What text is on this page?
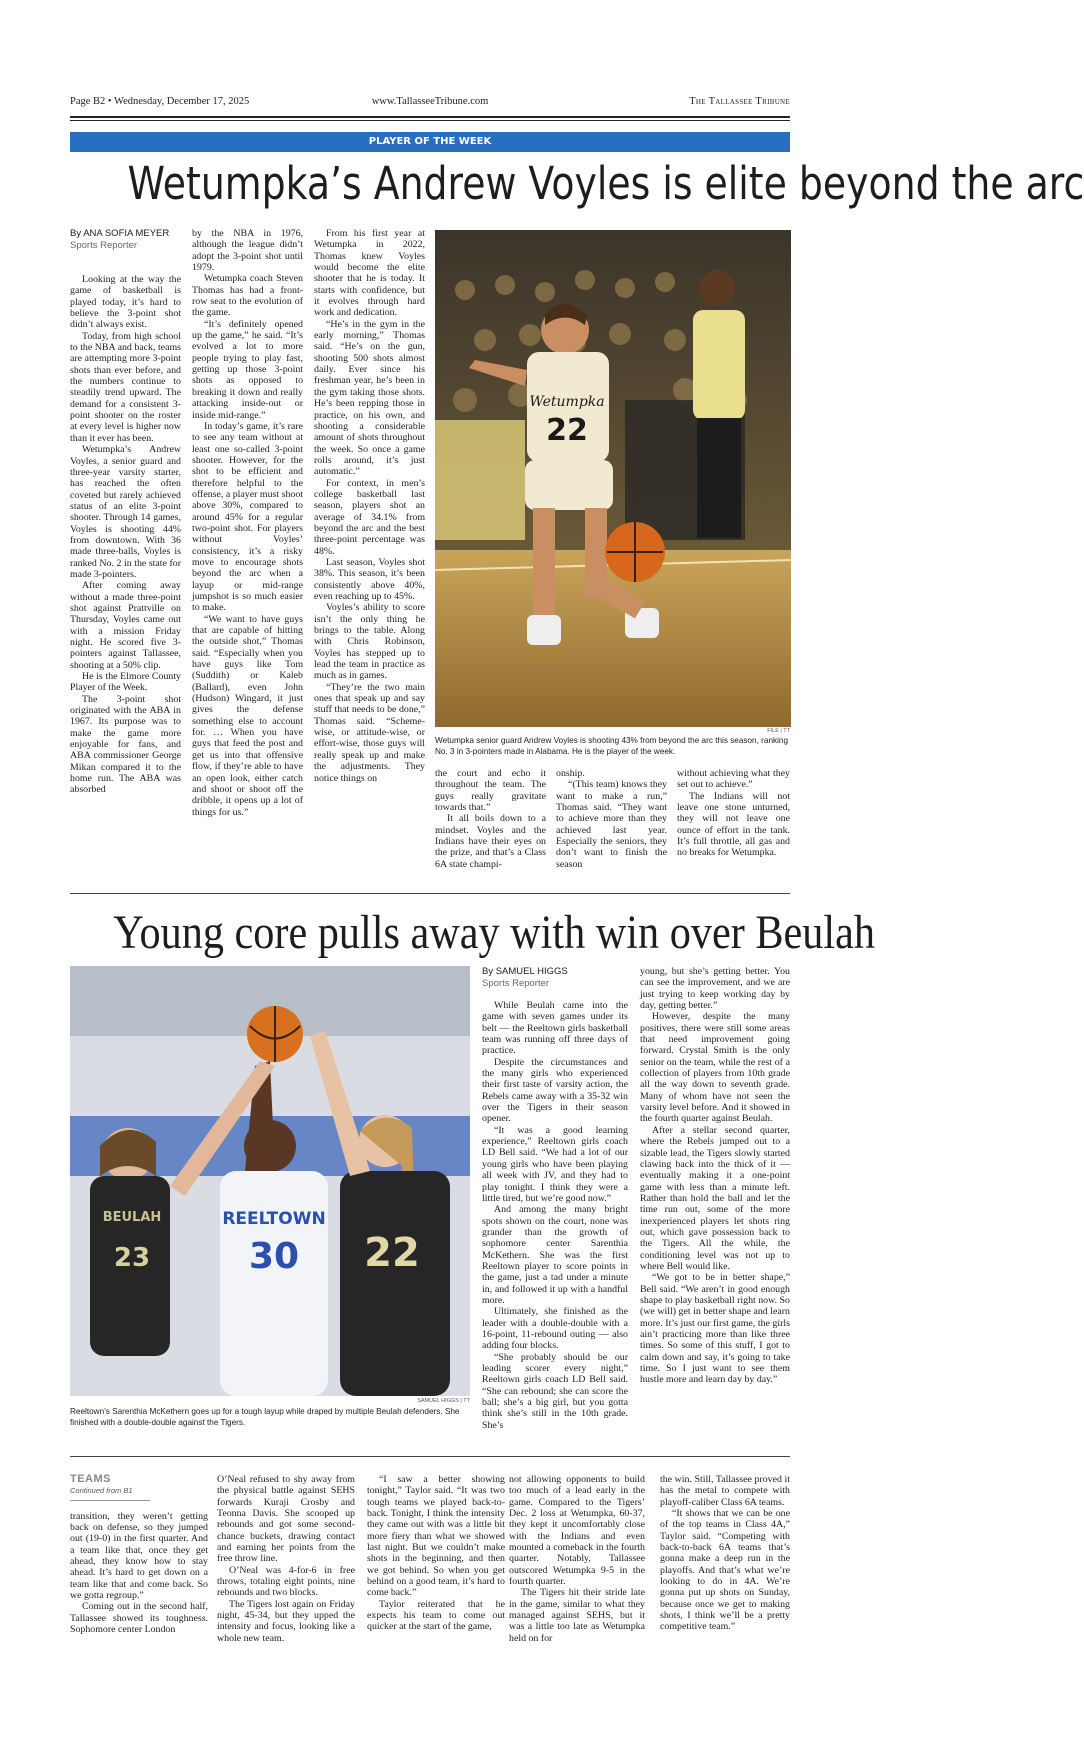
Page B2 • Wednesday, December 17, 2025	www.TallasseeTribune.com	The Tallassee Tribune
PLAYER OF THE WEEK
Wetumpka’s Andrew Voyles is elite beyond the arc
By ANA SOFIA MEYER
Sports Reporter

Looking at the way the game of basketball is played today, it’s hard to believe the 3-point shot didn’t always exist.

Today, from high school to the NBA and back, teams are attempting more 3-point shots than ever before, and the numbers continue to steadily trend upward. The demand for a consistent 3-point shooter on the roster at every level is higher now than it ever has been.

Wetumpka’s Andrew Voyles, a senior guard and three-year varsity starter, has reached the often coveted but rarely achieved status of an elite 3-point shooter. Through 14 games, Voyles is shooting 44% from downtown. With 36 made three-balls, Voyles is ranked No. 2 in the state for made 3-pointers.

After coming away without a made three-point shot against Prattville on Thursday, Voyles came out with a mission Friday night. He scored five 3-pointers against Tallassee, shooting at a 50% clip.

He is the Elmore County Player of the Week.

The 3-point shot originated with the ABA in 1967. Its purpose was to make the game more enjoyable for fans, and ABA commissioner George Mikan compared it to the home run. The ABA was absorbed

by the NBA in 1976, although the league didn’t adopt the 3-point shot until 1979.

Wetumpka coach Steven Thomas has had a front-row seat to the evolution of the game.

“It’s definitely opened up the game,” he said. “It’s evolved a lot to more people trying to play fast, getting up those 3-point shots as opposed to breaking it down and really attacking inside-out or inside mid-range.”

In today’s game, it’s rare to see any team without at least one so-called 3-point shooter. However, for the shot to be efficient and therefore helpful to the offense, a player must shoot above 30%, compared to around 45% for a regular two-point shot. For players without Voyles’ consistency, it’s a risky move to encourage shots beyond the arc when a layup or mid-range jumpshot is so much easier to make.

“We want to have guys that are capable of hitting the outside shot,” Thomas said. “Especially when you have guys like Tom (Suddith) or Kaleb (Ballard), even John (Hudson) Wingard, it just gives the defense something else to account for. … When you have guys that feed the post and get us into that offensive flow, if they’re able to have an open look, either catch and shoot or shoot off the dribble, it opens up a lot of things for us.”

From his first year at Wetumpka in 2022, Thomas knew Voyles would become the elite shooter that he is today. It starts with confidence, but it evolves through hard work and dedication.

“He’s in the gym in the early morning,” Thomas said. “He’s on the gun, shooting 500 shots almost daily. Ever since his freshman year, he’s been in the gym taking those shots. He’s been repping those in practice, on his own, and shooting a considerable amount of shots throughout the week. So once a game rolls around, it’s just automatic.”

For context, in men’s college basketball last season, players shot an average of 34.1% from beyond the arc and the best three-point percentage was 48%.

Last season, Voyles shot 38%. This season, it’s been consistently above 40%, even reaching up to 45%.

Voyles’s ability to score isn’t the only thing he brings to the table. Along with Chris Robinson, Voyles has stepped up to lead the team in practice as much as in games.

“They’re the two main ones that speak up and say stuff that needs to be done,” Thomas said. “Scheme-wise, or attitude-wise, or effort-wise, those guys will really speak up and make the adjustments. They notice things on

Wetumpka
22
FILE | TT
Wetumpka senior guard Andrew Voyles is shooting 43% from beyond the arc this season, ranking No. 3 in 3-pointers made in Alabama. He is the player of the week.

the court and echo it throughout the team. The guys really gravitate towards that.”

It all boils down to a mindset. Voyles and the Indians have their eyes on the prize, and that’s a Class 6A state champi-

onship.

“(This team) knows they want to make a run,” Thomas said. “They want to achieve more than they achieved last year. Especially the seniors, they don’t want to finish the season

without achieving what they set out to achieve.”

The Indians will not leave one stone unturned, they will not leave one ounce of effort in the tank. It’s full throttle, all gas and no breaks for Wetumpka.

Young core pulls away with win over Beulah
BEULAH
23
REELTOWN
30 22
SAMUEL HIGGS | TT
Reeltown’s Sarenthia McKethern goes up for a tough layup while draped by multiple Beulah defenders. She finished with a double-double against the Tigers.
By SAMUEL HIGGS
Sports Reporter

While Beulah came into the game with seven games under its belt — the Reeltown girls basketball team was running off three days of practice.

Despite the circumstances and the many girls who experienced their first taste of varsity action, the Rebels came away with a 35-32 win over the Tigers in their season opener.

“It was a good learning experience,” Reeltown girls coach LD Bell said. “We had a lot of our young girls who have been playing all week with JV, and they had to play tonight. I think they were a little tired, but we’re good now.”

And among the many bright spots shown on the court, none was grander than the growth of sophomore center Sarenthia McKethern. She was the first Reeltown player to score points in the game, just a tad under a minute in, and followed it up with a handful more.

Ultimately, she finished as the leader with a double-double with a 16-point, 11-rebound outing — also adding four blocks.

“She probably should be our leading scorer every night,” Reeltown girls coach LD Bell said. “She can rebound; she can score the ball; she’s a big girl, but you gotta think she’s still in the 10th grade. She’s

young, but she’s getting better. You can see the improvement, and we are just trying to keep working day by day, getting better.”

However, despite the many positives, there were still some areas that need improvement going forward. Crystal Smith is the only senior on the team, while the rest of a collection of players from 10th grade all the way down to seventh grade. Many of whom have not seen the varsity level before. And it showed in the fourth quarter against Beulah.

After a stellar second quarter, where the Rebels jumped out to a sizable lead, the Tigers slowly started clawing back into the thick of it — eventually making it a one-point game with less than a minute left. Rather than hold the ball and let the time run out, some of the more inexperienced players let shots ring out, which gave possession back to the Tigers. All the while, the conditioning level was not up to where Bell would like.

“We got to be in better shape,” Bell said. “We aren’t in good enough shape to play basketball right now. So (we will) get in better shape and learn more. It’s just our first game, the girls ain’t practicing more than like three times. So some of this stuff, I got to calm down and say, it’s going to take time. So I just want to see them hustle more and learn day by day.”

TEAMS
Continued from B1

transition, they weren’t getting back on defense, so they jumped out (19-0) in the first quarter. And a team like that, once they get ahead, they know how to stay ahead. It’s hard to get down on a team like that and come back. So we gotta regroup.”

Coming out in the second half, Tallassee showed its toughness. Sophomore center London

O’Neal refused to shy away from the physical battle against SEHS forwards Kuraji Crosby and Teonna Davis. She scooped up rebounds and got some second-chance buckets, drawing contact and earning her points from the free throw line.

O’Neal was 4-for-6 in free throws, totaling eight points, nine rebounds and two blocks.

The Tigers lost again on Friday night, 45-34, but they upped the intensity and focus, looking like a whole new team.

“I saw a better showing tonight,” Taylor said. “It was two tough teams we played back-to-back. Tonight, I think the intensity they came out with was a little bit more fiery than what we showed last night. But we couldn’t make shots in the beginning, and then we got behind. So when you get behind on a good team, it’s hard to come back.”

Taylor reiterated that he expects his team to come out quicker at the start of the game,

not allowing opponents to build too much of a lead early in the game. Compared to the Tigers’ Dec. 2 loss at Wetumpka, 60-37, they kept it uncomfortably close with the Indians and even mounted a comeback in the fourth quarter. Notably, Tallassee outscored Wetumpka 9-5 in the fourth quarter.

The Tigers hit their stride late in the game, similar to what they managed against SEHS, but it was a little too late as Wetumpka held on for

the win. Still, Tallassee proved it has the metal to compete with playoff-caliber Class 6A teams.

“It shows that we can be one of the top teams in Class 4A,” Taylor said. “Competing with back-to-back 6A teams that’s gonna make a deep run in the playoffs. And that’s what we’re looking to do in 4A. We’re gonna put up shots on Sunday, because once we get to making shots, I think we’ll be a pretty competitive team.”
